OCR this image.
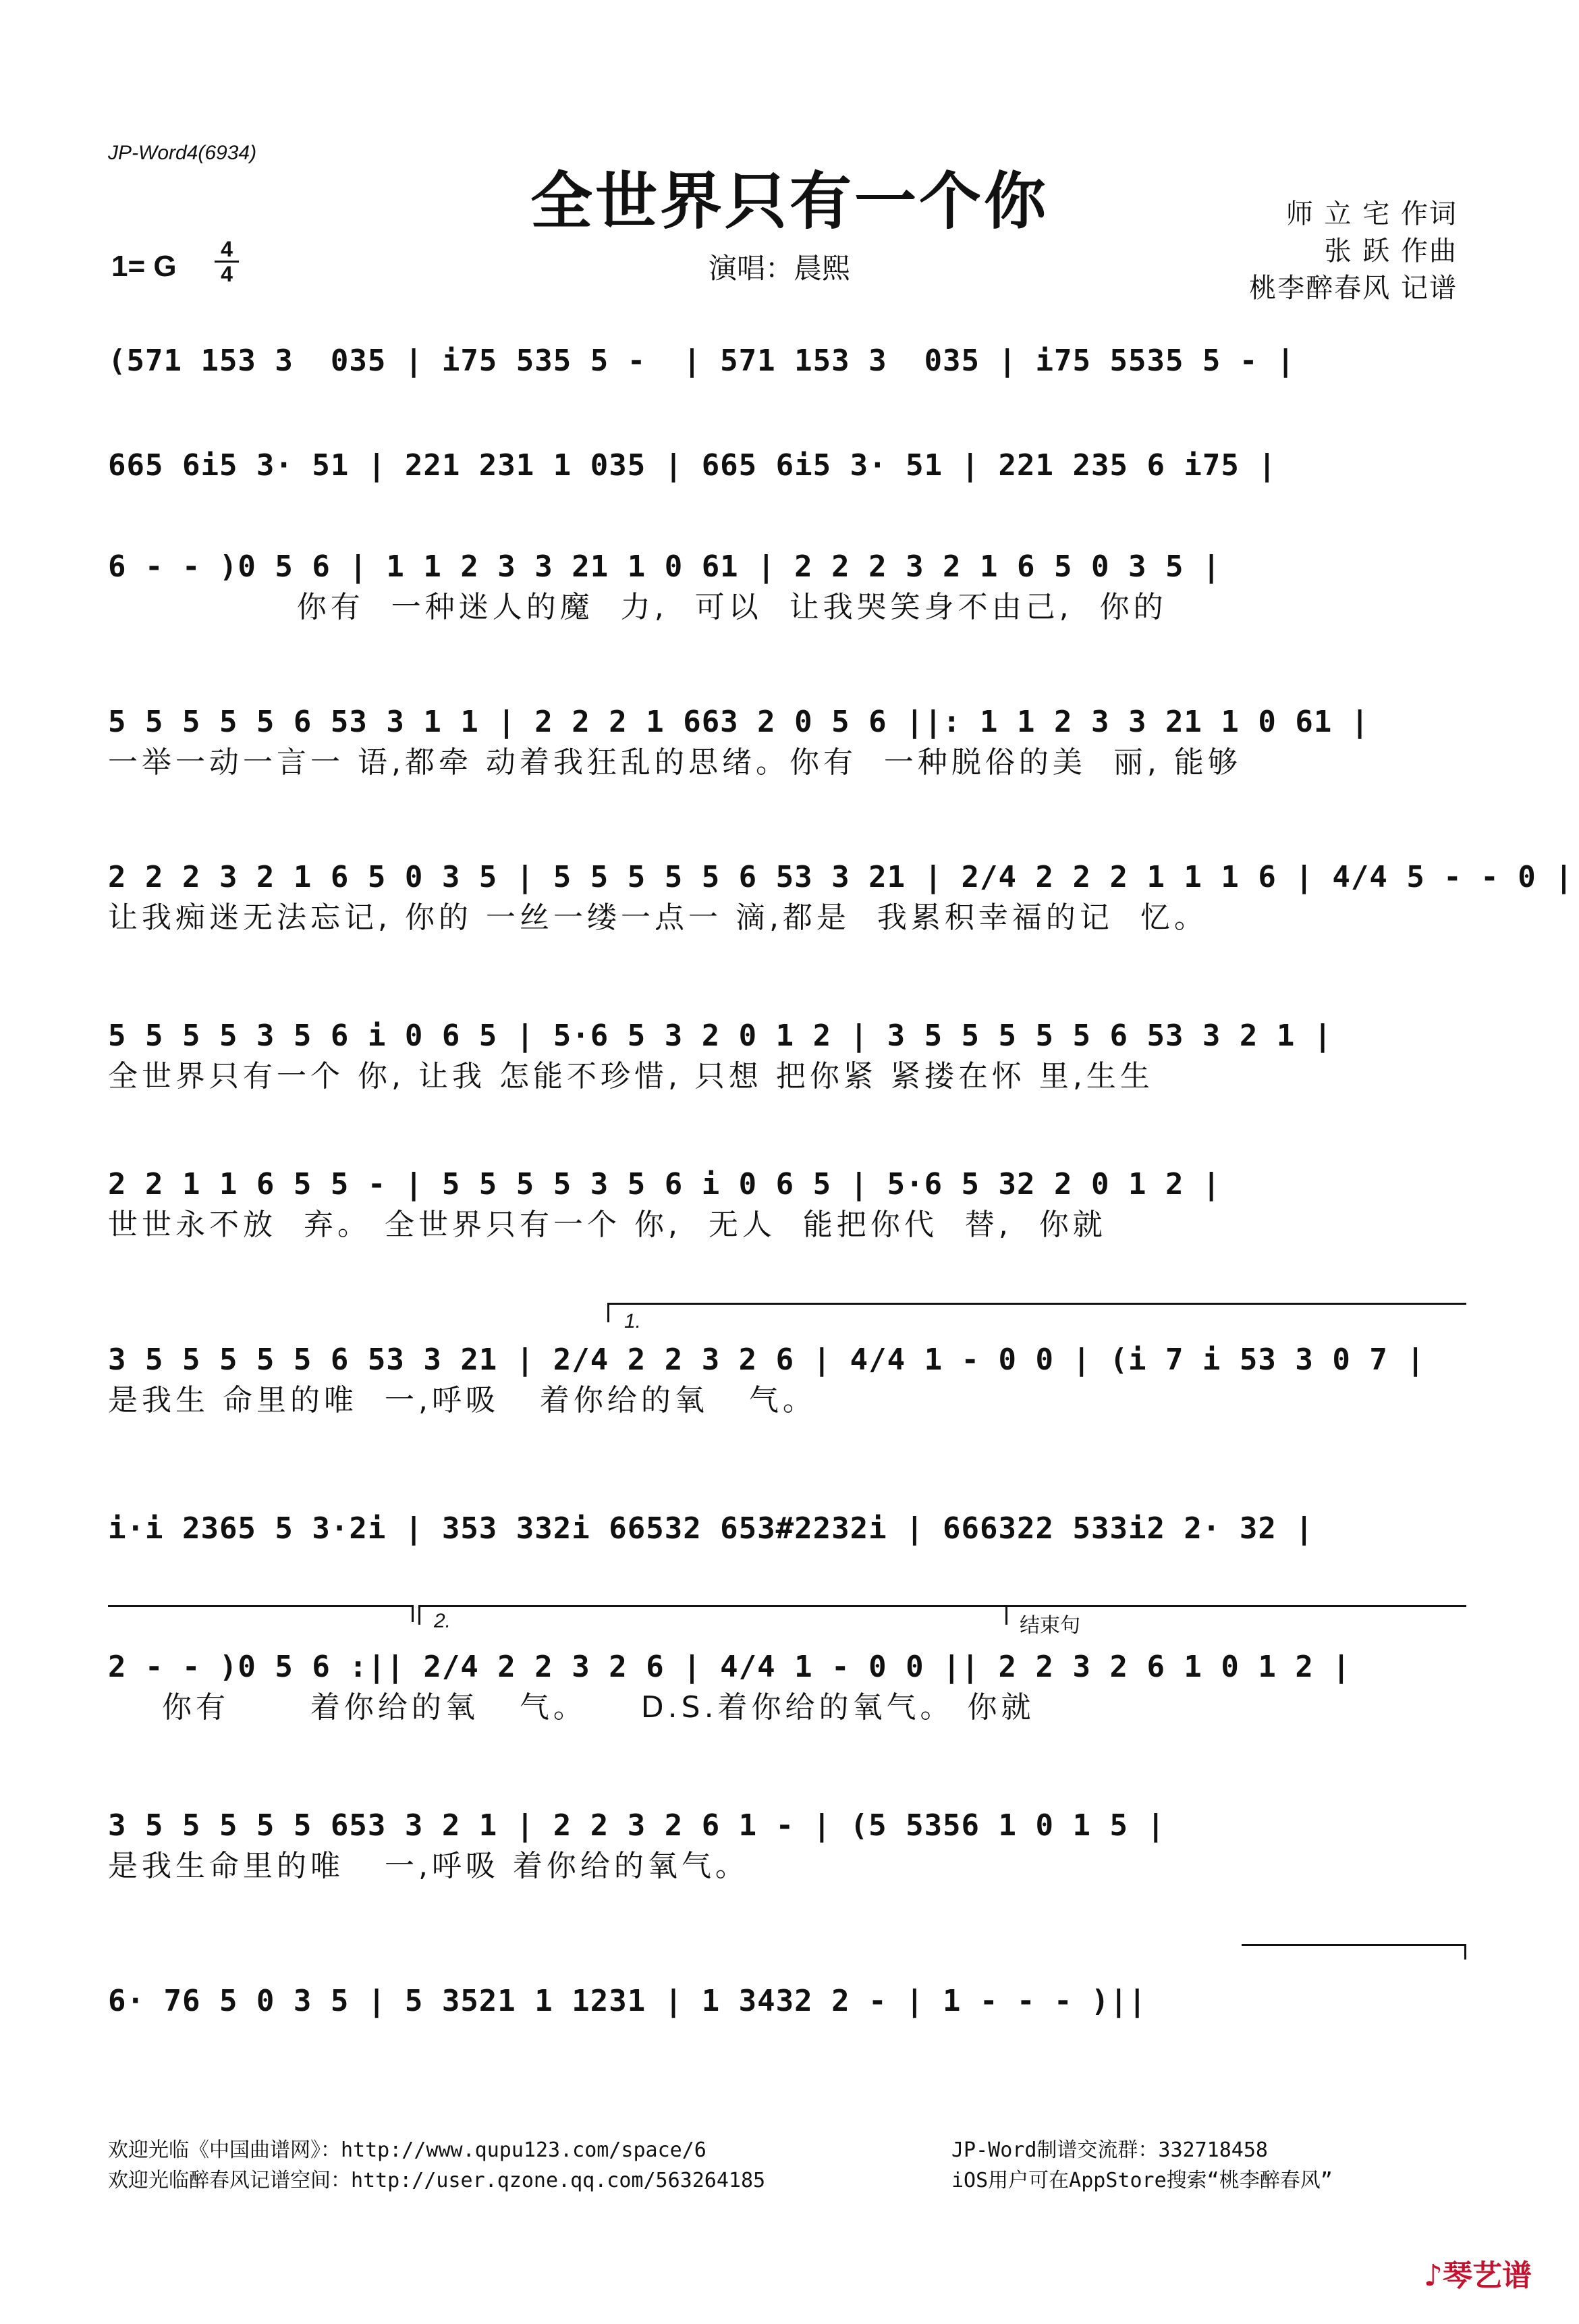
JP-Word4(6934)
全世界只有一个你
1= G
4
4	演唱：晨熙
师 立 宅 作词
张 跃 作曲
桃李醉春风 记谱
(571 153 3  035 | i75 535 5 -  | 571 153 3  035 | i75 5535 5 - |
665 6i5 3· 51 | 221 231 1 035 | 665 6i5 3· 51 | 221 235 6 i75 |
6 - - )0 5 6 | 1 1 2 3 3 21 1 0 61 | 2 2 2 3 2 1 6 5 0 3 5 |
你有  一种迷人的魔  力,  可以  让我哭笑身不由己,  你的
5 5 5 5 5 6 53 3 1 1 | 2 2 2 1 663 2 0 5 6 ||: 1 1 2 3 3 21 1 0 61 |
一举一动一言一 语,都牵 动着我狂乱的思绪。你有  一种脱俗的美  丽, 能够
2 2 2 3 2 1 6 5 0 3 5 | 5 5 5 5 5 6 53 3 21 | 2/4 2 2 2 1 1 1 6 | 4/4 5 - - 0 |
让我痴迷无法忘记, 你的 一丝一缕一点一 滴,都是  我累积幸福的记  忆。
5 5 5 5 3 5 6 i 0 6 5 | 5·6 5 3 2 0 1 2 | 3 5 5 5 5 5 6 53 3 2 1 |
全世界只有一个 你, 让我 怎能不珍惜, 只想 把你紧 紧搂在怀 里,生生
2 2 1 1 6 5 5 - | 5 5 5 5 3 5 6 i 0 6 5 | 5·6 5 32 2 0 1 2 |
世世永不放  弃。 全世界只有一个 你,  无人  能把你代  替,  你就
1.
3 5 5 5 5 5 6 53 3 21 | 2/4 2 2 3 2 6 | 4/4 1 - 0 0 | (i 7 i 53 3 0 7 |
是我生 命里的唯  一,呼吸   着你给的氧   气。
i·i 2365 5 3·2i | 353 332i 66532 653#2232i | 666322 533i2 2· 32 |
2.	结束句
2 - - )0 5 6 :|| 2/4 2 2 3 2 6 | 4/4 1 - 0 0 || 2 2 3 2 6 1 0 1 2 |
你有      着你给的氧   气。    D.S.着你给的氧气。 你就
3 5 5 5 5 5 653 3 2 1 | 2 2 3 2 6 1 - | (5 5356 1 0 1 5 |
是我生命里的唯   一,呼吸 着你给的氧气。
6· 76 5 0 3 5 | 5 3521 1 1231 | 1 3432 2 - | 1 - - - )||
欢迎光临《中国曲谱网》：http://www.qupu123.com/space/6
欢迎光临醉春风记谱空间：http://user.qzone.qq.com/563264185
JP-Word制谱交流群：332718458
iOS用户可在AppStore搜索“桃李醉春风”
♪琴艺谱
